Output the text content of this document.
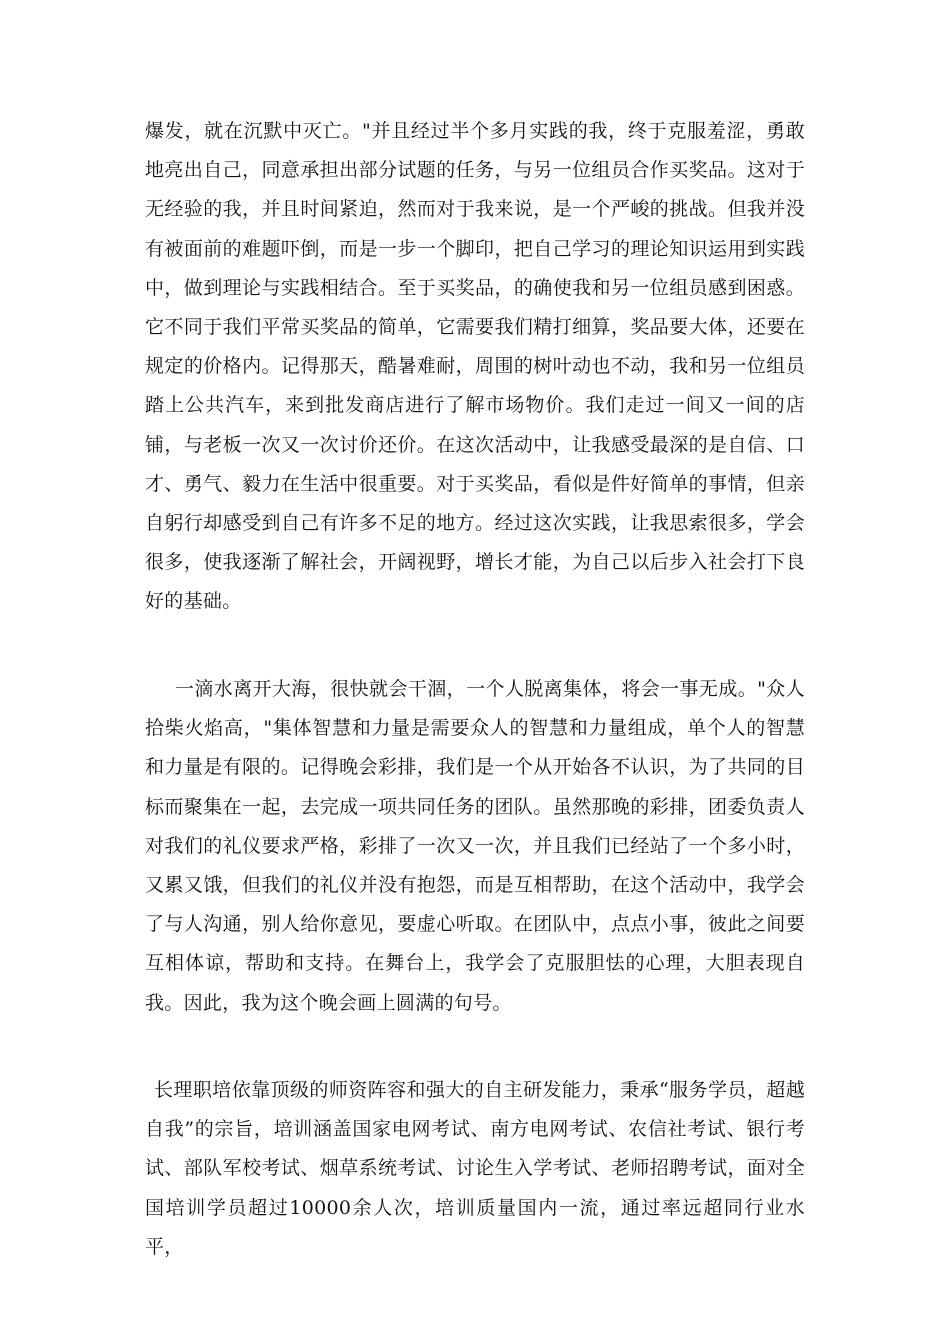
爆发，就在沉默中灭亡。"并且经过半个多月实践的我，终于克服羞涩，勇敢地亮出自己，同意承担出部分试题的任务，与另一位组员合作买奖品。这对于无经验的我，并且时间紧迫，然而对于我来说，是一个严峻的挑战。但我并没有被面前的难题吓倒，而是一步一个脚印，把自己学习的理论知识运用到实践中，做到理论与实践相结合。至于买奖品，的确使我和另一位组员感到困惑。它不同于我们平常买奖品的简单，它需要我们精打细算，奖品要大体，还要在规定的价格内。记得那天，酷暑难耐，周围的树叶动也不动，我和另一位组员踏上公共汽车，来到批发商店进行了解市场物价。我们走过一间又一间的店铺，与老板一次又一次讨价还价。在这次活动中，让我感受最深的是自信、口才、勇气、毅力在生活中很重要。对于买奖品，看似是件好简单的事情，但亲自躬行却感受到自己有许多不足的地方。经过这次实践，让我思索很多，学会很多，使我逐渐了解社会，开阔视野，增长才能，为自己以后步入社会打下良好的基础。

一滴水离开大海，很快就会干涸，一个人脱离集体，将会一事无成。"众人拾柴火焰高，"集体智慧和力量是需要众人的智慧和力量组成，单个人的智慧和力量是有限的。记得晚会彩排，我们是一个从开始各不认识，为了共同的目标而聚集在一起，去完成一项共同任务的团队。虽然那晚的彩排，团委负责人对我们的礼仪要求严格，彩排了一次又一次，并且我们已经站了一个多小时，又累又饿，但我们的礼仪并没有抱怨，而是互相帮助，在这个活动中，我学会了与人沟通，别人给你意见，要虚心听取。在团队中，点点小事，彼此之间要互相体谅，帮助和支持。在舞台上，我学会了克服胆怯的心理，大胆表现自我。因此，我为这个晚会画上圆满的句号。

长理职培依靠顶级的师资阵容和强大的自主研发能力，秉承“服务学员，超越自我”的宗旨，培训涵盖国家电网考试、南方电网考试、农信社考试、银行考试、部队军校考试、烟草系统考试、讨论生入学考试、老师招聘考试，面对全国培训学员超过10000余人次，培训质量国内一流，通过率远超同行业水平，
